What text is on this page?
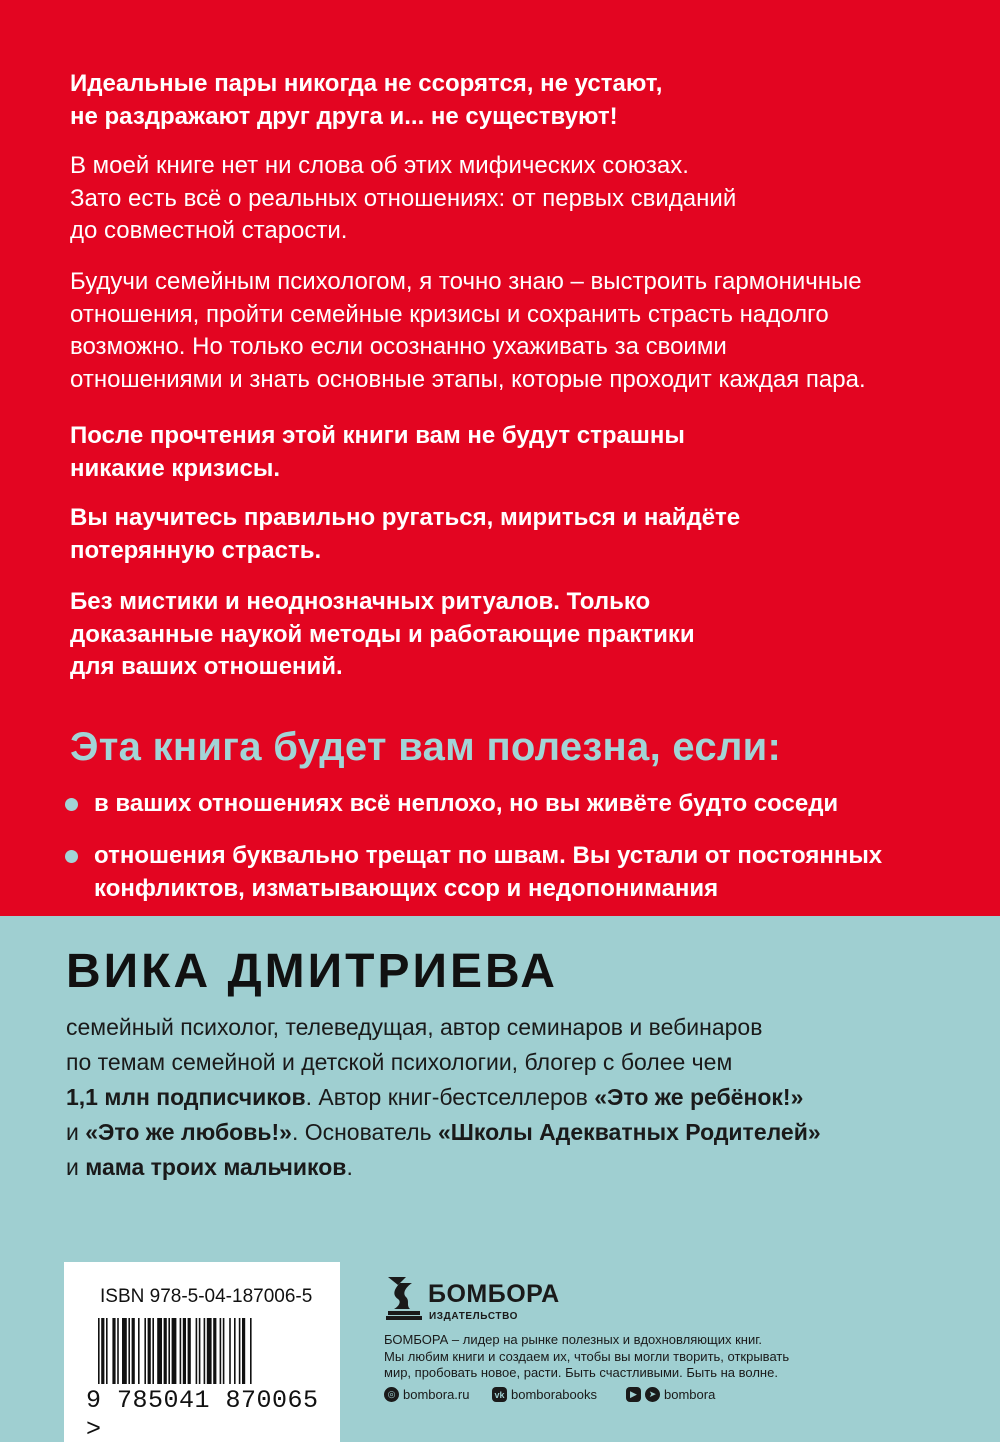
Идеальные пары никогда не ссорятся, не устают,
не раздражают друг друга и... не существуют!
В моей книге нет ни слова об этих мифических союзах.
Зато есть всё о реальных отношениях: от первых свиданий
до совместной старости.
Будучи семейным психологом, я точно знаю – выстроить гармоничные
отношения, пройти семейные кризисы и сохранить страсть надолго
возможно. Но только если осознанно ухаживать за своими
отношениями и знать основные этапы, которые проходит каждая пара.
После прочтения этой книги вам не будут страшны
никакие кризисы.
Вы научитесь правильно ругаться, мириться и найдёте
потерянную страсть.
Без мистики и неоднозначных ритуалов. Только
доказанные наукой методы и работающие практики
для ваших отношений.
Эта книга будет вам полезна, если:
в ваших отношениях всё неплохо, но вы живёте будто соседи
отношения буквально трещат по швам. Вы устали от постоянных
конфликтов, изматывающих ссор и недопонимания
ВИКА ДМИТРИЕВА
семейный психолог, телеведущая, автор семинаров и вебинаров
по темам семейной и детской психологии, блогер с более чем
1,1 млн подписчиков. Автор книг-бестселлеров «Это же ребёнок!»
и «Это же любовь!». Основатель «Школы Адекватных Родителей»
и мама троих мальчиков.
ISBN 978-5-04-187006-5
9 785041 870065 >
БОМБОРА
ИЗДАТЕЛЬСТВО
БОМБОРА – лидер на рынке полезных и вдохновляющих книг.
Мы любим книги и создаем их, чтобы вы могли творить, открывать
мир, пробовать новое, расти. Быть счастливыми. Быть на волне.
◎ bombora.ru	vk bomborabooks	▶	➤ bombora
